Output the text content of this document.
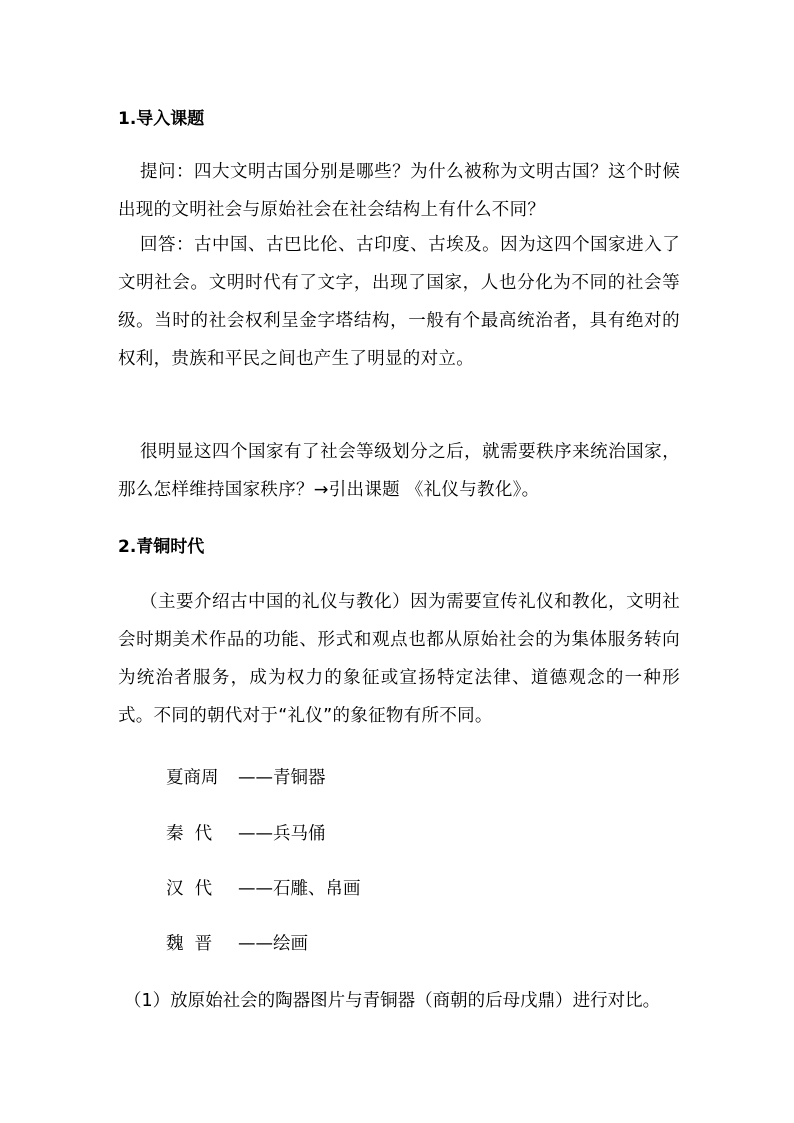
1.导入课题
提问：四大文明古国分别是哪些？为什么被称为文明古国？这个时候出现的文明社会与原始社会在社会结构上有什么不同？
回答：古中国、古巴比伦、古印度、古埃及。因为这四个国家进入了文明社会。文明时代有了文字，出现了国家，人也分化为不同的社会等级。当时的社会权利呈金字塔结构，一般有个最高统治者，具有绝对的权利，贵族和平民之间也产生了明显的对立。
很明显这四个国家有了社会等级划分之后，就需要秩序来统治国家，那么怎样维持国家秩序？→引出课题 《礼仪与教化》。
2.青铜时代
（主要介绍古中国的礼仪与教化）因为需要宣传礼仪和教化，文明社会时期美术作品的功能、形式和观点也都从原始社会的为集体服务转向为统治者服务，成为权力的象征或宣扬特定法律、道德观念的一种形式。不同的朝代对于“礼仪”的象征物有所不同。
夏商周 ——青铜器
秦  代 ——兵马俑
汉  代 ——石雕、帛画
魏  晋 ——绘画
（1）放原始社会的陶器图片与青铜器（商朝的后母戊鼎）进行对比。
